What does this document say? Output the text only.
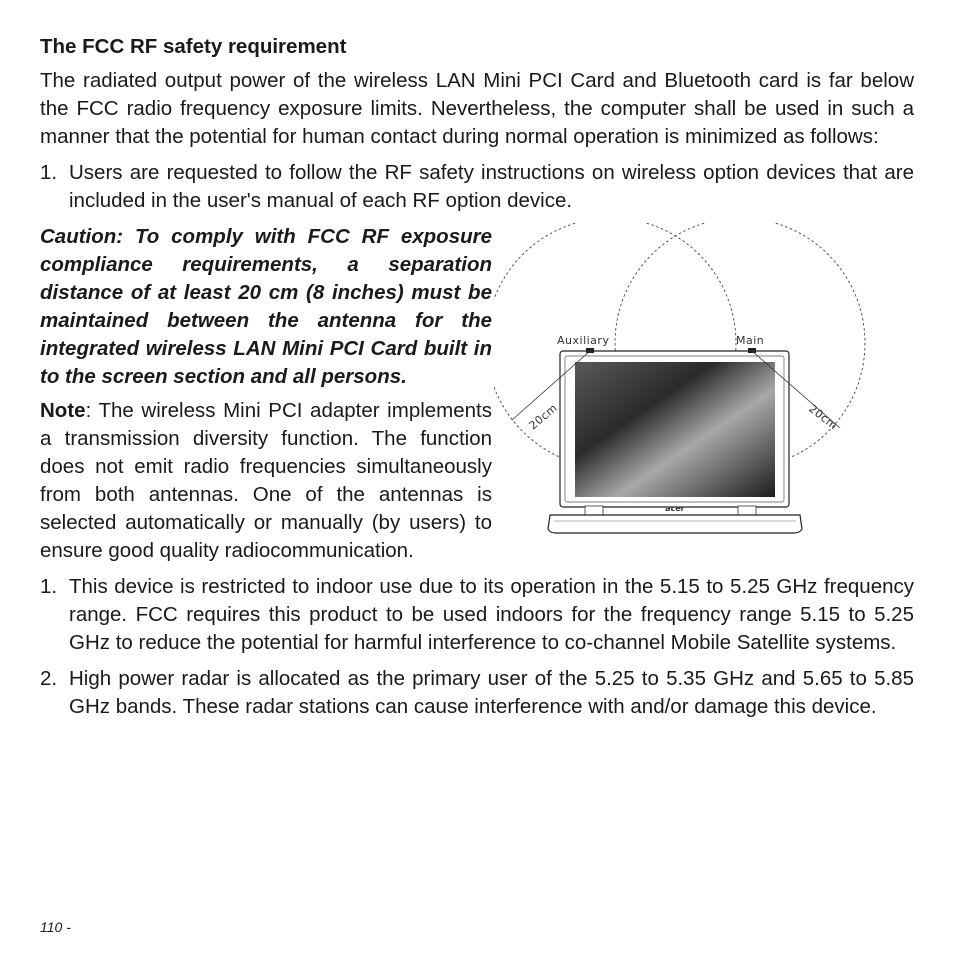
The FCC RF safety requirement

The radiated output power of the wireless LAN Mini PCI Card and Bluetooth card is far below the FCC radio frequency exposure limits. Nevertheless, the computer shall be used in such a manner that the potential for human contact during normal operation is minimized as follows:

1. Users are requested to follow the RF safety instructions on wireless option devices that are included in the user's manual of each RF option device.
acer
Auxiliary	Main
20cm	20cm

Caution: To comply with FCC RF exposure compliance requirements, a separation distance of at least 20 cm (8 inches) must be maintained between the antenna for the integrated wireless LAN Mini PCI Card built in to the screen section and all persons.

Note: The wireless Mini PCI adapter implements a transmission diversity function. The function does not emit radio frequencies simultaneously from both antennas. One of the antennas is selected automatically or manually (by users) to ensure good quality radiocommunication.

1. This device is restricted to indoor use due to its operation in the 5.15 to 5.25 GHz frequency range. FCC requires this product to be used indoors for the frequency range 5.15 to 5.25 GHz to reduce the potential for harmful interference to co-channel Mobile Satellite systems.
2. High power radar is allocated as the primary user of the 5.25 to 5.35 GHz and 5.65 to 5.85 GHz bands. These radar stations can cause interference with and/or damage this device.
110 -
